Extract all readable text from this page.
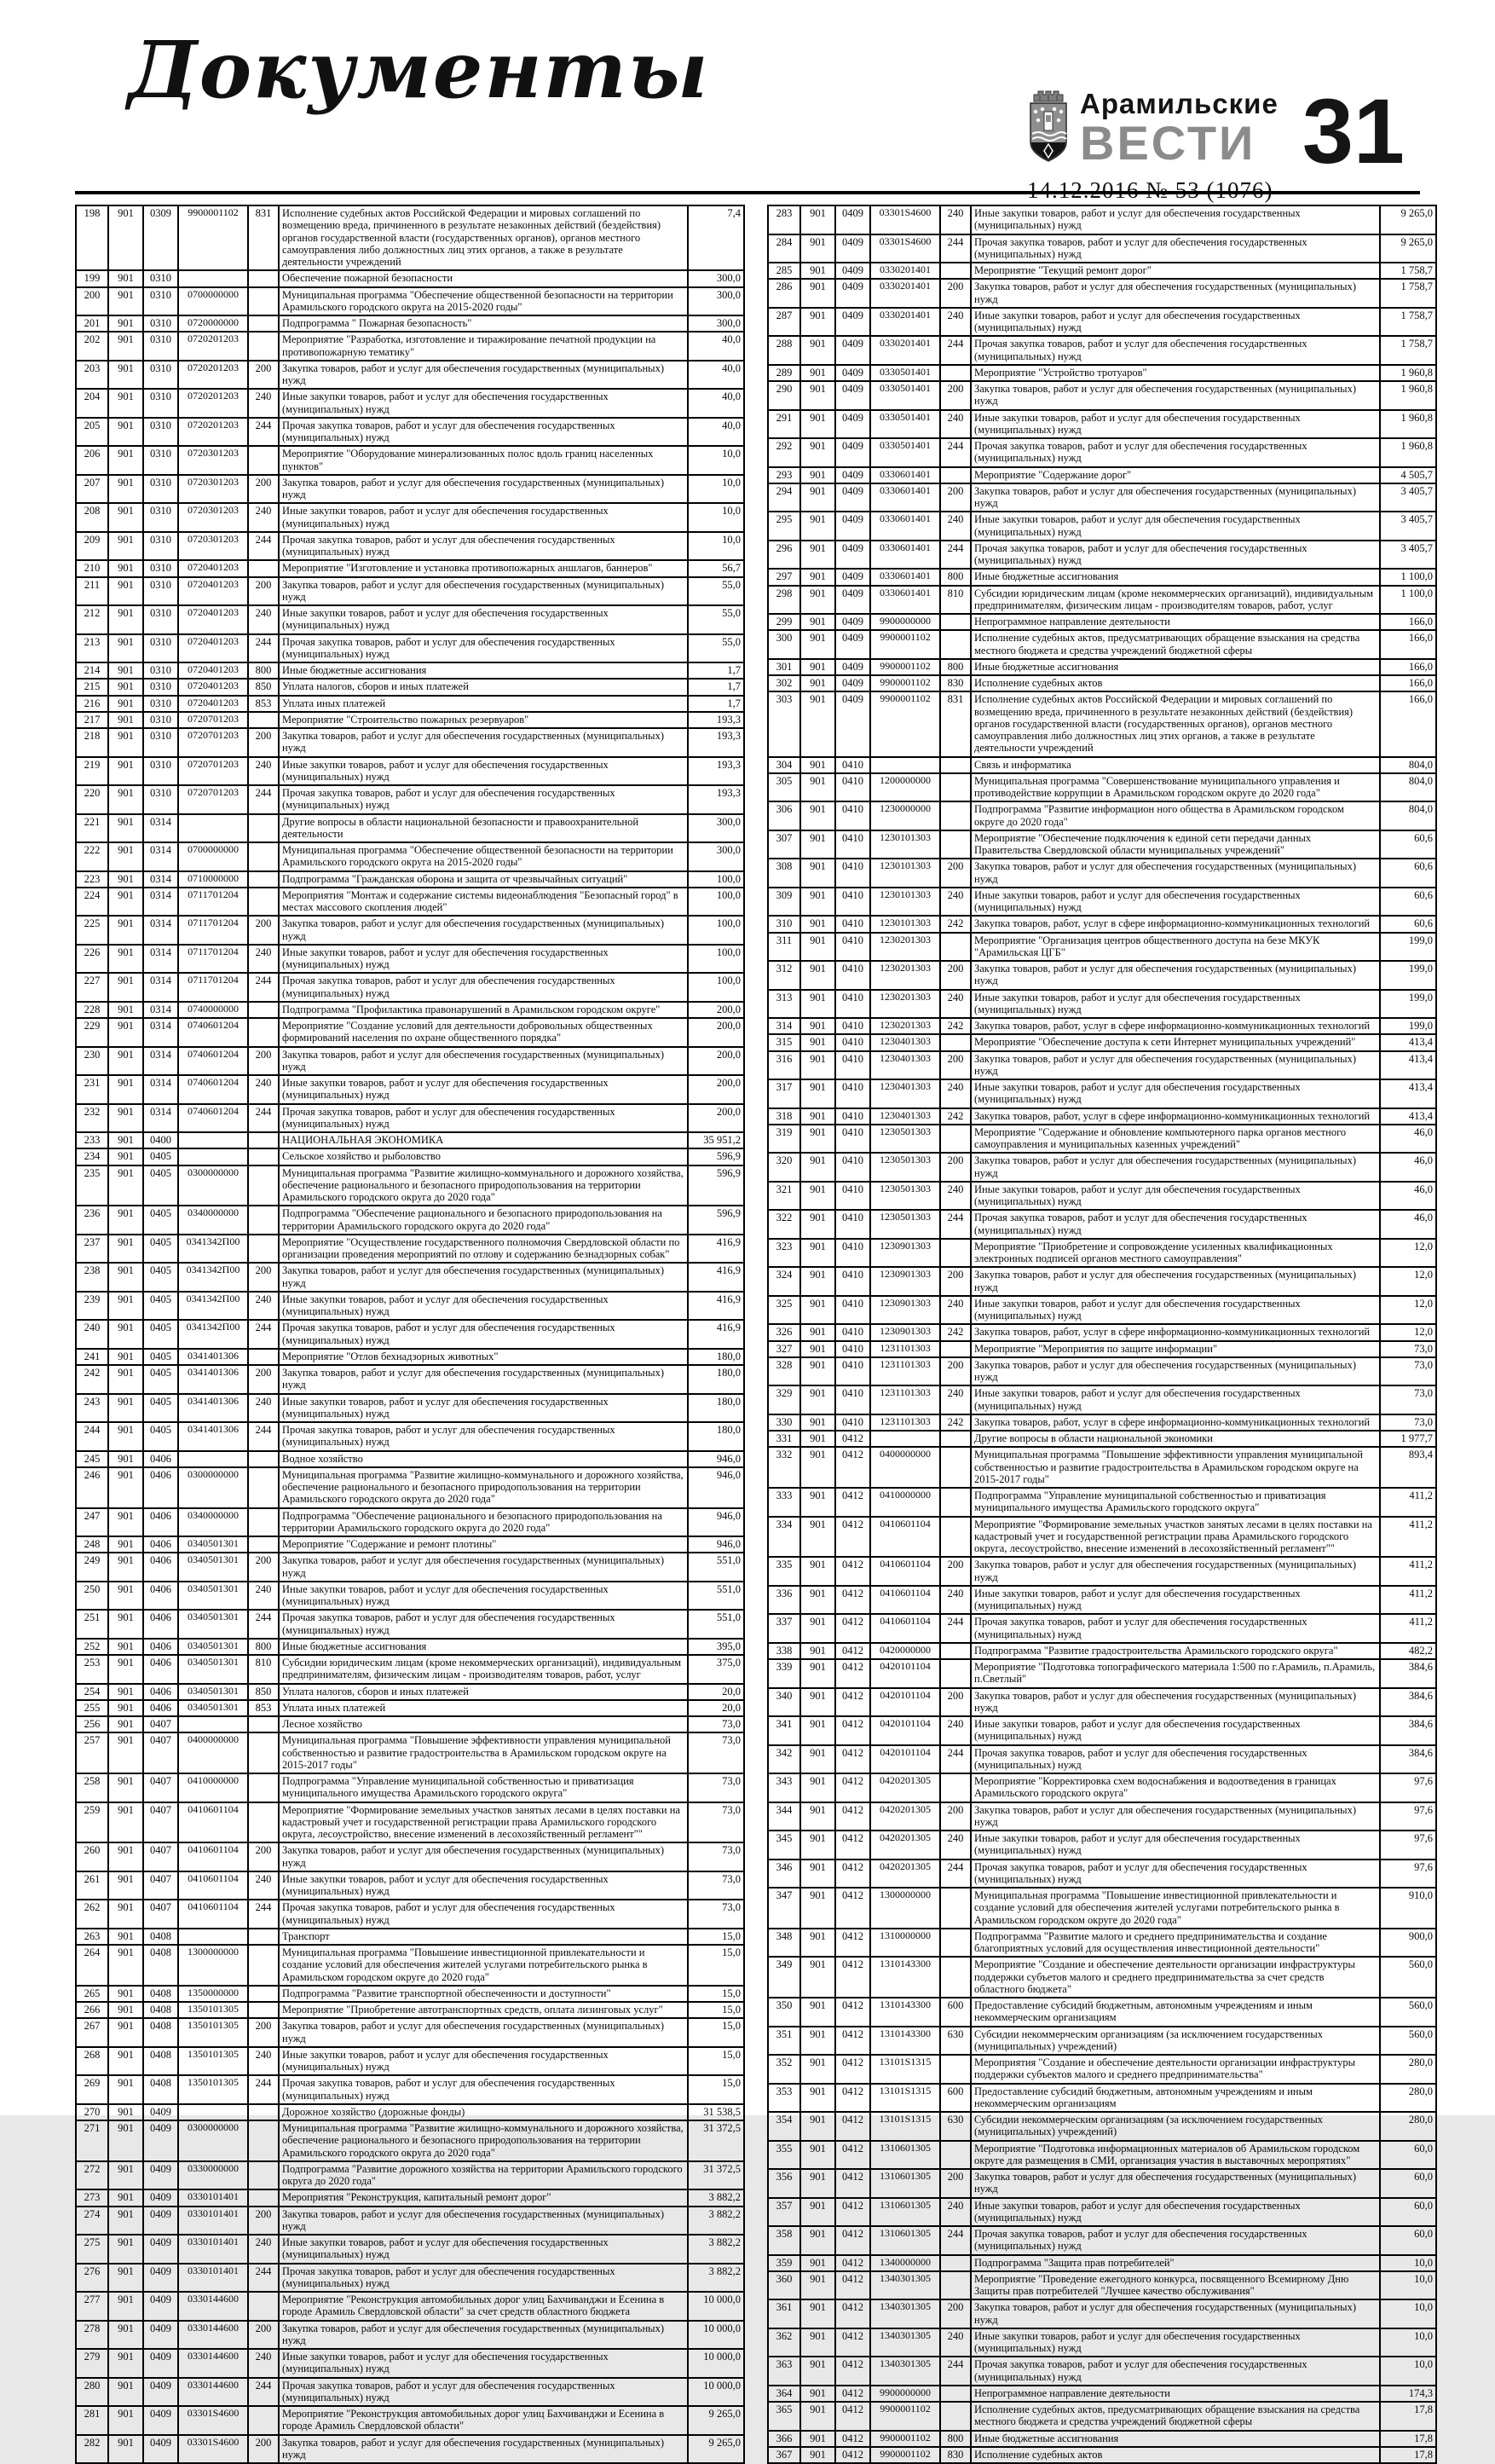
Документы	Арамильские
ВЕСТИ 31
198	901	0309	9900001102	831	Исполнение судебных актов Российской Федерации и мировых соглашений по возмещению вреда, причиненного в результате незаконных действий (бездействия) органов государственной власти (государственных органов), органов местного самоуправления либо должностных лиц этих органов, а также в результате деятельности учреждений	7,4
199	901	0310			Обеспечение пожарной безопасности	300,0
200	901	0310	0700000000		Муниципальная программа "Обеспечение общественной безопасности на территории Арамильского городского округа на 2015-2020 годы"	300,0
201	901	0310	0720000000		Подпрограмма " Пожарная безопасность"	300,0
202	901	0310	0720201203		Мероприятие "Разработка, изготовление и тиражирование печатной продукции на противопожарную тематику"	40,0
203	901	0310	0720201203	200	Закупка товаров, работ и услуг для обеспечения государственных (муниципальных) нужд	40,0
204	901	0310	0720201203	240	Иные закупки товаров, работ и услуг для обеспечения государственных (муниципальных) нужд	40,0
205	901	0310	0720201203	244	Прочая закупка товаров, работ и услуг для обеспечения государственных (муниципальных) нужд	40,0
206	901	0310	0720301203		Мероприятие "Оборудование минерализованных полос вдоль границ населенных пунктов"	10,0
207	901	0310	0720301203	200	Закупка товаров, работ и услуг для обеспечения государственных (муниципальных) нужд	10,0
208	901	0310	0720301203	240	Иные закупки товаров, работ и услуг для обеспечения государственных (муниципальных) нужд	10,0
209	901	0310	0720301203	244	Прочая закупка товаров, работ и услуг для обеспечения государственных (муниципальных) нужд	10,0
210	901	0310	0720401203		Мероприятие "Изготовление и установка противопожарных аншлагов, баннеров"	56,7
211	901	0310	0720401203	200	Закупка товаров, работ и услуг для обеспечения государственных (муниципальных) нужд	55,0
212	901	0310	0720401203	240	Иные закупки товаров, работ и услуг для обеспечения государственных (муниципальных) нужд	55,0
213	901	0310	0720401203	244	Прочая закупка товаров, работ и услуг для обеспечения государственных (муниципальных) нужд	55,0
214	901	0310	0720401203	800	Иные бюджетные ассигнования	1,7
215	901	0310	0720401203	850	Уплата налогов, сборов и иных платежей	1,7
216	901	0310	0720401203	853	Уплата иных платежей	1,7
217	901	0310	0720701203		Мероприятие "Строительство пожарных резервуаров"	193,3
218	901	0310	0720701203	200	Закупка товаров, работ и услуг для обеспечения государственных (муниципальных) нужд	193,3
219	901	0310	0720701203	240	Иные закупки товаров, работ и услуг для обеспечения государственных (муниципальных) нужд	193,3
220	901	0310	0720701203	244	Прочая закупка товаров, работ и услуг для обеспечения государственных (муниципальных) нужд	193,3
221	901	0314			Другие вопросы в области национальной безопасности и правоохранительной деятельности	300,0
222	901	0314	0700000000		Муниципальная программа "Обеспечение общественной безопасности на территории Арамильского городского округа на 2015-2020 годы"	300,0
223	901	0314	0710000000		Подпрограмма "Гражданская оборона и защита от чрезвычайных ситуаций"	100,0
224	901	0314	0711701204		Мероприятия "Монтаж и содержание системы видеонаблюдения "Безопасный город" в местах массового скопления людей"	100,0
225	901	0314	0711701204	200	Закупка товаров, работ и услуг для обеспечения государственных (муниципальных) нужд	100,0
226	901	0314	0711701204	240	Иные закупки товаров, работ и услуг для обеспечения государственных (муниципальных) нужд	100,0
227	901	0314	0711701204	244	Прочая закупка товаров, работ и услуг для обеспечения государственных (муниципальных) нужд	100,0
228	901	0314	0740000000		Подпрограмма "Профилактика правонарушений в Арамильском городском округе"	200,0
229	901	0314	0740601204		Мероприятие "Создание условий для деятельности добровольных общественных формирований населения по охране общественного порядка"	200,0
230	901	0314	0740601204	200	Закупка товаров, работ и услуг для обеспечения государственных (муниципальных) нужд	200,0
231	901	0314	0740601204	240	Иные закупки товаров, работ и услуг для обеспечения государственных (муниципальных) нужд	200,0
232	901	0314	0740601204	244	Прочая закупка товаров, работ и услуг для обеспечения государственных (муниципальных) нужд	200,0
233	901	0400			НАЦИОНАЛЬНАЯ ЭКОНОМИКА	35 951,2
234	901	0405			Сельское хозяйство и рыболовство	596,9
235	901	0405	0300000000		Муниципальная программа "Развитие жилищно-коммунального и дорожного хозяйства, обеспечение рационального и безопасного природопользования на территории Арамильского городского округа до 2020 года"	596,9
236	901	0405	0340000000		Подпрограмма "Обеспечение рационального и безопасного природопользования на территории Арамильского городского округа до 2020 года"	596,9
237	901	0405	0341342П00		Мероприятие "Осуществление государственного полномочия Свердловской области по организации проведения мероприятий по отлову и содержанию безнадзорных собак"	416,9
238	901	0405	0341342П00	200	Закупка товаров, работ и услуг для обеспечения государственных (муниципальных) нужд	416,9
239	901	0405	0341342П00	240	Иные закупки товаров, работ и услуг для обеспечения государственных (муниципальных) нужд	416,9
240	901	0405	0341342П00	244	Прочая закупка товаров, работ и услуг для обеспечения государственных (муниципальных) нужд	416,9
241	901	0405	0341401306		Мероприятие "Отлов бехнадзорных животных"	180,0
242	901	0405	0341401306	200	Закупка товаров, работ и услуг для обеспечения государственных (муниципальных) нужд	180,0
243	901	0405	0341401306	240	Иные закупки товаров, работ и услуг для обеспечения государственных (муниципальных) нужд	180,0
244	901	0405	0341401306	244	Прочая закупка товаров, работ и услуг для обеспечения государственных (муниципальных) нужд	180,0
245	901	0406			Водное хозяйство	946,0
246	901	0406	0300000000		Муниципальная программа "Развитие жилищно-коммунального и дорожного хозяйства, обеспечение рационального и безопасного природопользования на территории Арамильского городского округа до 2020 года"	946,0
247	901	0406	0340000000		Подпрограмма "Обеспечение рационального и безопасного природопользования на территории Арамильского городского округа до 2020 года"	946,0
248	901	0406	0340501301		Мероприятие "Содержание и ремонт плотины"	946,0
249	901	0406	0340501301	200	Закупка товаров, работ и услуг для обеспечения государственных (муниципальных) нужд	551,0
250	901	0406	0340501301	240	Иные закупки товаров, работ и услуг для обеспечения государственных (муниципальных) нужд	551,0
251	901	0406	0340501301	244	Прочая закупка товаров, работ и услуг для обеспечения государственных (муниципальных) нужд	551,0
252	901	0406	0340501301	800	Иные бюджетные ассигнования	395,0
253	901	0406	0340501301	810	Субсидии юридическим лицам (кроме некоммерческих организаций), индивидуальным предпринимателям, физическим лицам - производителям товаров, работ, услуг	375,0
254	901	0406	0340501301	850	Уплата налогов, сборов и иных платежей	20,0
255	901	0406	0340501301	853	Уплата иных платежей	20,0
256	901	0407			Лесное хозяйство	73,0
257	901	0407	0400000000		Муниципальная программа "Повышение эффективности управления муниципальной собственностью и развитие градостроительства в Арамильском городском округе на 2015-2017 годы"	73,0
258	901	0407	0410000000		Подпрограмма "Управление муниципальной собственностью и приватизация муниципального имущества Арамильского городского округа"	73,0
259	901	0407	0410601104		Мероприятие "Формирование земельных участков занятых лесами в целях поставки на кадастровый учет и государственной регистрации права Арамильского городского округа, лесоустройство, внесение изменений в лесохозяйственный регламент""	73,0
260	901	0407	0410601104	200	Закупка товаров, работ и услуг для обеспечения государственных (муниципальных) нужд	73,0
261	901	0407	0410601104	240	Иные закупки товаров, работ и услуг для обеспечения государственных (муниципальных) нужд	73,0
262	901	0407	0410601104	244	Прочая закупка товаров, работ и услуг для обеспечения государственных (муниципальных) нужд	73,0
263	901	0408			Транспорт	15,0
264	901	0408	1300000000		Муниципальная программа "Повышение инвестиционной привлекательности и создание условий для обеспечения жителей услугами потребительского рынка в Арамильском городском округе до 2020 года"	15,0
265	901	0408	1350000000		Подпрограмма "Развитие транспортной обеспеченности и доступности"	15,0
266	901	0408	1350101305		Мероприятие "Приобретение автотранспортных средств, оплата лизинговых услуг"	15,0
267	901	0408	1350101305	200	Закупка товаров, работ и услуг для обеспечения государственных (муниципальных) нужд	15,0
268	901	0408	1350101305	240	Иные закупки товаров, работ и услуг для обеспечения государственных (муниципальных) нужд	15,0
269	901	0408	1350101305	244	Прочая закупка товаров, работ и услуг для обеспечения государственных (муниципальных) нужд	15,0
270	901	0409			Дорожное хозяйство (дорожные фонды)	31 538,5
271	901	0409	0300000000		Муниципальная программа "Развитие жилищно-коммунального и дорожного хозяйства, обеспечение рационального и безопасного природопользования на территории Арамильского городского округа до 2020 года"	31 372,5
272	901	0409	0330000000		Подпрограмма "Развитие дорожного хозяйства на территории Арамильского городского округа до 2020 года"	31 372,5
273	901	0409	0330101401		Мероприятия "Реконструкция, капитальный ремонт дорог"	3 882,2
274	901	0409	0330101401	200	Закупка товаров, работ и услуг для обеспечения государственных (муниципальных) нужд	3 882,2
275	901	0409	0330101401	240	Иные закупки товаров, работ и услуг для обеспечения государственных (муниципальных) нужд	3 882,2
276	901	0409	0330101401	244	Прочая закупка товаров, работ и услуг для обеспечения государственных (муниципальных) нужд	3 882,2
277	901	0409	0330144600		Мероприятие "Реконструкция автомобильных дорог улиц Бахчиванджи и Есенина в городе Арамиль Свердловской области" за счет средств областного бюджета	10 000,0
278	901	0409	0330144600	200	Закупка товаров, работ и услуг для обеспечения государственных (муниципальных) нужд	10 000,0
279	901	0409	0330144600	240	Иные закупки товаров, работ и услуг для обеспечения государственных (муниципальных) нужд	10 000,0
280	901	0409	0330144600	244	Прочая закупка товаров, работ и услуг для обеспечения государственных (муниципальных) нужд	10 000,0
281	901	0409	03301S4600		Мероприятие "Реконструкция автомобильных дорог улиц Бахчиванджи и Есенина в городе Арамиль Свердловской области"	9 265,0
282	901	0409	03301S4600	200	Закупка товаров, работ и услуг для обеспечения государственных (муниципальных) нужд	9 265,0
283	901	0409	03301S4600	240	Иные закупки товаров, работ и услуг для обеспечения государственных (муниципальных) нужд	9 265,0
284	901	0409	03301S4600	244	Прочая закупка товаров, работ и услуг для обеспечения государственных (муниципальных) нужд	9 265,0
285	901	0409	0330201401		Мероприятие "Текущий ремонт дорог"	1 758,7
286	901	0409	0330201401	200	Закупка товаров, работ и услуг для обеспечения государственных (муниципальных) нужд	1 758,7
287	901	0409	0330201401	240	Иные закупки товаров, работ и услуг для обеспечения государственных (муниципальных) нужд	1 758,7
288	901	0409	0330201401	244	Прочая закупка товаров, работ и услуг для обеспечения государственных (муниципальных) нужд	1 758,7
289	901	0409	0330501401		Мероприятие "Устройство тротуаров"	1 960,8
290	901	0409	0330501401	200	Закупка товаров, работ и услуг для обеспечения государственных (муниципальных) нужд	1 960,8
291	901	0409	0330501401	240	Иные закупки товаров, работ и услуг для обеспечения государственных (муниципальных) нужд	1 960,8
292	901	0409	0330501401	244	Прочая закупка товаров, работ и услуг для обеспечения государственных (муниципальных) нужд	1 960,8
293	901	0409	0330601401		Мероприятие "Содержание дорог"	4 505,7
294	901	0409	0330601401	200	Закупка товаров, работ и услуг для обеспечения государственных (муниципальных) нужд	3 405,7
295	901	0409	0330601401	240	Иные закупки товаров, работ и услуг для обеспечения государственных (муниципальных) нужд	3 405,7
296	901	0409	0330601401	244	Прочая закупка товаров, работ и услуг для обеспечения государственных (муниципальных) нужд	3 405,7
297	901	0409	0330601401	800	Иные бюджетные ассигнования	1 100,0
298	901	0409	0330601401	810	Субсидии юридическим лицам (кроме некоммерческих организаций), индивидуальным предпринимателям, физическим лицам - производителям товаров, работ, услуг	1 100,0
299	901	0409	9900000000		Непрограммное направление деятельности	166,0
300	901	0409	9900001102		Исполнение судебных актов, предусматривающих обращение взыскания на средства местного бюджета и средства учреждений бюджетной сферы	166,0
301	901	0409	9900001102	800	Иные бюджетные ассигнования	166,0
302	901	0409	9900001102	830	Исполнение судебных актов	166,0
303	901	0409	9900001102	831	Исполнение судебных актов Российской Федерации и мировых соглашений по возмещению вреда, причиненного в результате незаконных действий (бездействия) органов государственной власти (государственных органов), органов местного самоуправления либо должностных лиц этих органов, а также в результате деятельности учреждений	166,0
304	901	0410			Связь и информатика	804,0
305	901	0410	1200000000		Муниципальная программа "Совершенствование муниципального управления и противодействие коррупции в Арамильском городском округе до 2020 года"	804,0
306	901	0410	1230000000		Подпрограмма "Развитие информацион ного общества в Арамильском городском округе до 2020 года"	804,0
307	901	0410	1230101303		Мероприятие "Обеспечение подключения к единой сети передачи данных Правительства Свердловской области муниципальных учреждений"	60,6
308	901	0410	1230101303	200	Закупка товаров, работ и услуг для обеспечения государственных (муниципальных) нужд	60,6
309	901	0410	1230101303	240	Иные закупки товаров, работ и услуг для обеспечения государственных (муниципальных) нужд	60,6
310	901	0410	1230101303	242	Закупка товаров, работ, услуг в сфере информационно-коммуникационных технологий	60,6
311	901	0410	1230201303		Мероприятие "Организация центров общественного доступа на безе МКУК "Арамильская ЦГБ"	199,0
312	901	0410	1230201303	200	Закупка товаров, работ и услуг для обеспечения государственных (муниципальных) нужд	199,0
313	901	0410	1230201303	240	Иные закупки товаров, работ и услуг для обеспечения государственных (муниципальных) нужд	199,0
314	901	0410	1230201303	242	Закупка товаров, работ, услуг в сфере информационно-коммуникационных технологий	199,0
315	901	0410	1230401303		Мероприятие "Обеспечение доступа к сети Интернет муниципальных учреждений"	413,4
316	901	0410	1230401303	200	Закупка товаров, работ и услуг для обеспечения государственных (муниципальных) нужд	413,4
317	901	0410	1230401303	240	Иные закупки товаров, работ и услуг для обеспечения государственных (муниципальных) нужд	413,4
318	901	0410	1230401303	242	Закупка товаров, работ, услуг в сфере информационно-коммуникационных технологий	413,4
319	901	0410	1230501303		Мероприятие "Содержание и обновление компьютерного парка органов местного самоуправления и муниципальных казенных учреждений"	46,0
320	901	0410	1230501303	200	Закупка товаров, работ и услуг для обеспечения государственных (муниципальных) нужд	46,0
321	901	0410	1230501303	240	Иные закупки товаров, работ и услуг для обеспечения государственных (муниципальных) нужд	46,0
322	901	0410	1230501303	244	Прочая закупка товаров, работ и услуг для обеспечения государственных (муниципальных) нужд	46,0
323	901	0410	1230901303		Мероприятие "Приобретение и сопровождение усиленных квалификационных электронных подписей органов местного самоуправления"	12,0
324	901	0410	1230901303	200	Закупка товаров, работ и услуг для обеспечения государственных (муниципальных) нужд	12,0
325	901	0410	1230901303	240	Иные закупки товаров, работ и услуг для обеспечения государственных (муниципальных) нужд	12,0
326	901	0410	1230901303	242	Закупка товаров, работ, услуг в сфере информационно-коммуникационных технологий	12,0
327	901	0410	1231101303		Мероприятие "Мероприятия по защите информации"	73,0
328	901	0410	1231101303	200	Закупка товаров, работ и услуг для обеспечения государственных (муниципальных) нужд	73,0
329	901	0410	1231101303	240	Иные закупки товаров, работ и услуг для обеспечения государственных (муниципальных) нужд	73,0
330	901	0410	1231101303	242	Закупка товаров, работ, услуг в сфере информационно-коммуникационных технологий	73,0
331	901	0412			Другие вопросы в области национальной экономики	1 977,7
332	901	0412	0400000000		Муниципальная программа "Повышение эффективности управления муниципальной собственностью и развитие градостроительства в Арамильском городском округе на 2015-2017 годы"	893,4
333	901	0412	0410000000		Подпрограмма "Управление муниципальной собственностью и приватизация муниципального имущества Арамильского городского округа"	411,2
334	901	0412	0410601104		Мероприятие "Формирование земельных участков занятых лесами в целях поставки на кадастровый учет и государственной регистрации права Арамильского городского округа, лесоустройство, внесение изменений в лесохозяйственный регламент""	411,2
335	901	0412	0410601104	200	Закупка товаров, работ и услуг для обеспечения государственных (муниципальных) нужд	411,2
336	901	0412	0410601104	240	Иные закупки товаров, работ и услуг для обеспечения государственных (муниципальных) нужд	411,2
337	901	0412	0410601104	244	Прочая закупка товаров, работ и услуг для обеспечения государственных (муниципальных) нужд	411,2
338	901	0412	0420000000		Подпрограмма "Развитие градостроительства Арамильского городского округа"	482,2
339	901	0412	0420101104		Мероприятие "Подготовка топографического материала 1:500 по г.Арамиль, п.Арамиль, п.Светлый"	384,6
340	901	0412	0420101104	200	Закупка товаров, работ и услуг для обеспечения государственных (муниципальных) нужд	384,6
341	901	0412	0420101104	240	Иные закупки товаров, работ и услуг для обеспечения государственных (муниципальных) нужд	384,6
342	901	0412	0420101104	244	Прочая закупка товаров, работ и услуг для обеспечения государственных (муниципальных) нужд	384,6
343	901	0412	0420201305		Мероприятие "Корректировка схем водоснабжения и водоотведения в границах Арамильского городского округа"	97,6
344	901	0412	0420201305	200	Закупка товаров, работ и услуг для обеспечения государственных (муниципальных) нужд	97,6
345	901	0412	0420201305	240	Иные закупки товаров, работ и услуг для обеспечения государственных (муниципальных) нужд	97,6
346	901	0412	0420201305	244	Прочая закупка товаров, работ и услуг для обеспечения государственных (муниципальных) нужд	97,6
347	901	0412	1300000000		Муниципальная программа "Повышение инвестиционной привлекательности и создание условий для обеспечения жителей услугами потребительского рынка в Арамильском городском округе до 2020 года"	910,0
348	901	0412	1310000000		Подпрограмма "Развитие малого и среднего предпринимательства и создание благоприятных условий для осуществления инвестиционной деятельности"	900,0
349	901	0412	1310143300		Мероприятие "Создание и обеспечение деятельности организации инфраструктуры поддержки субъетов малого и среднего предпринимательства за счет средств областного бюджета"	560,0
350	901	0412	1310143300	600	Предоставление субсидий бюджетным, автономным учреждениям и иным некоммерческим организациям	560,0
351	901	0412	1310143300	630	Субсидии некоммерческим организациям (за исключением государственных (муниципальных) учреждений)	560,0
352	901	0412	13101S1315		Мероприятия "Создание и обеспечение деятельности организации инфраструктуры поддержки субъектов малого и среднего предпринимательства"	280,0
353	901	0412	13101S1315	600	Предоставление субсидий бюджетным, автономным учреждениям и иным некоммерческим организациям	280,0
354	901	0412	13101S1315	630	Субсидии некоммерческим организациям (за исключением государственных (муниципальных) учреждений)	280,0
355	901	0412	1310601305		Мероприятие "Подготовка информационных материалов об Арамильском городском округе для размещения в СМИ, организация участия в выставочных меропрятиях"	60,0
356	901	0412	1310601305	200	Закупка товаров, работ и услуг для обеспечения государственных (муниципальных) нужд	60,0
357	901	0412	1310601305	240	Иные закупки товаров, работ и услуг для обеспечения государственных (муниципальных) нужд	60,0
358	901	0412	1310601305	244	Прочая закупка товаров, работ и услуг для обеспечения государственных (муниципальных) нужд	60,0
359	901	0412	1340000000		Подпрограмма "Защита прав потребителей"	10,0
360	901	0412	1340301305		Мероприятие "Проведение ежегодного конкурса, посвященного Всемирному Дню Защиты прав потребителей "Лучшее качество обслуживания"	10,0
361	901	0412	1340301305	200	Закупка товаров, работ и услуг для обеспечения государственных (муниципальных) нужд	10,0
362	901	0412	1340301305	240	Иные закупки товаров, работ и услуг для обеспечения государственных (муниципальных) нужд	10,0
363	901	0412	1340301305	244	Прочая закупка товаров, работ и услуг для обеспечения государственных (муниципальных) нужд	10,0
364	901	0412	9900000000		Непрограммное направление деятельности	174,3
365	901	0412	9900001102		Исполнение судебных актов, предусматривающих обращение взыскания на средства местного бюджета и средства учреждений бюджетной сферы	17,8
366	901	0412	9900001102	800	Иные бюджетные ассигнования	17,8
367	901	0412	9900001102	830	Исполнение судебных актов	17,8
